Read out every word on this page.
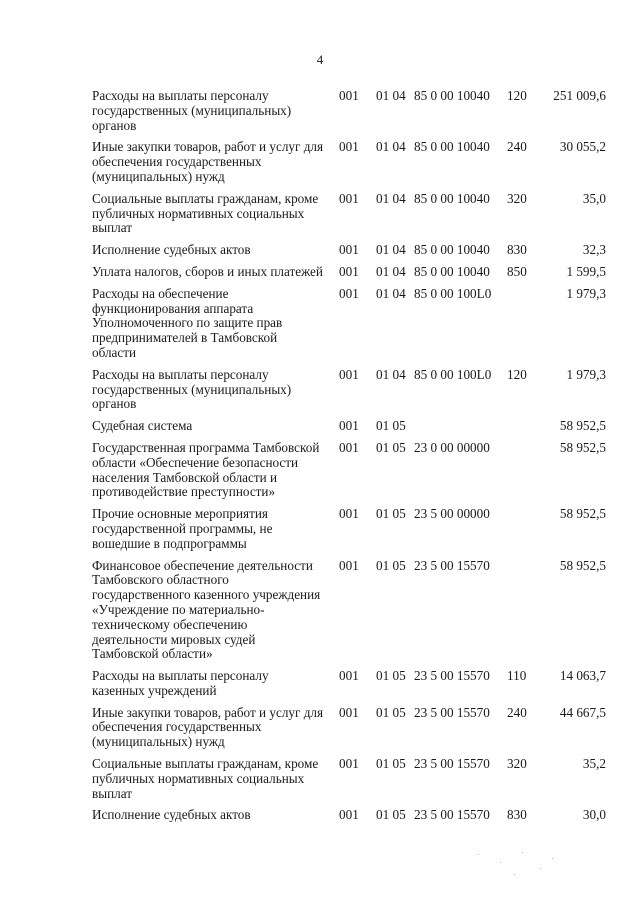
4
Расходы на выплаты персоналу государственных (муниципальных) органов
001 01 04 85 0 00 10040 120 251 009,6
Иные закупки товаров, работ и услуг для обеспечения государственных (муниципальных) нужд
001 01 04 85 0 00 10040 240	30 055,2
Социальные выплаты гражданам, кроме публичных нормативных социальных выплат
001 01 04 85 0 00 10040 320	35,0
Исполнение судебных актов	001 01 04 85 0 00 10040 830	32,3
Уплата налогов, сборов и иных платежей 001 01 04 85 0 00 10040 850	1 599,5
Расходы на обеспечение функционирования аппарата Уполномоченного по защите прав предпринимателей в Тамбовской области
001 01 04 85 0 00 100L0	1 979,3
Расходы на выплаты персоналу государственных (муниципальных) органов
001 01 04 85 0 00 100L0 120	1 979,3
Судебная система	001 01 05	58 952,5
Государственная программа Тамбовской области «Обеспечение безопасности населения Тамбовской области и противодействие преступности»
001 01 05 23 0 00 00000	58 952,5
Прочие основные мероприятия государственной программы, не вошедшие в подпрограммы
001 01 05 23 5 00 00000	58 952,5
Финансовое обеспечение деятельности Тамбовского областного государственного казенного учреждения «Учреждение по материально-техническому обеспечению деятельности мировых судей Тамбовской области»
001 01 05 23 5 00 15570	58 952,5
Расходы на выплаты персоналу казенных учреждений
001 01 05 23 5 00 15570 110	14 063,7
Иные закупки товаров, работ и услуг для обеспечения государственных (муниципальных) нужд
001 01 05 23 5 00 15570 240	44 667,5
Социальные выплаты гражданам, кроме публичных нормативных социальных выплат
001 01 05 23 5 00 15570 320	35,2
Исполнение судебных актов	001 01 05 23 5 00 15570 830	30,0
